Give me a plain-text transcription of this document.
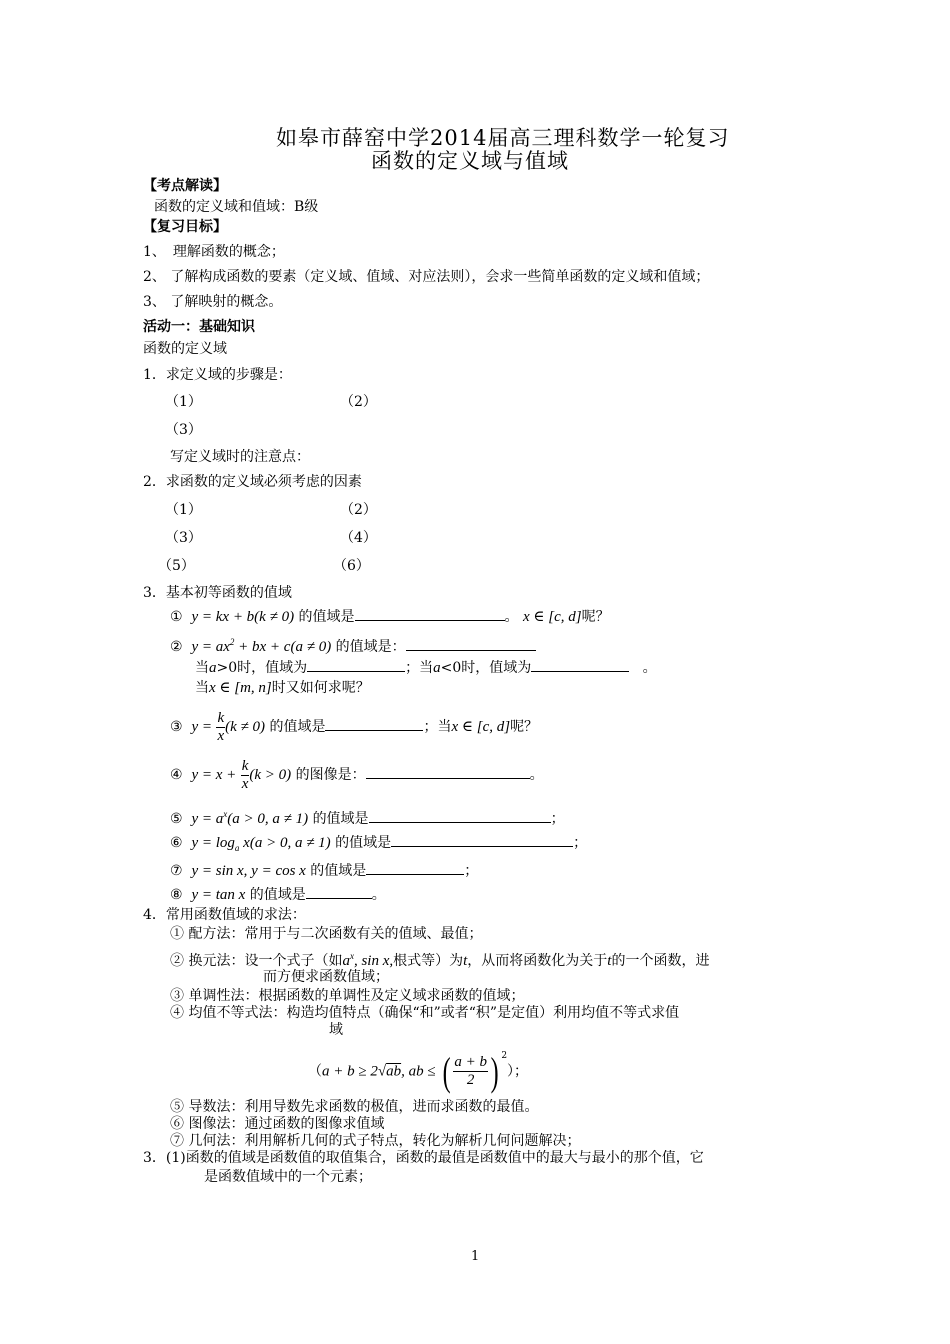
如皋市薛窑中学2014届高三理科数学一轮复习
函数的定义域与值域
【考点解读】
函数的定义域和值域：B级
【复习目标】
1、　理解函数的概念；
2、 了解构成函数的要素（定义域、值域、对应法则），会求一些简单函数的定义域和值域；
3、 了解映射的概念。
活动一：基础知识
函数的定义域
1．求定义域的步骤是：
（1）	（2）
（3）
写定义域时的注意点：
2．求函数的定义域必须考虑的因素
（1）	（2）
（3）	（4）
（5）	（6）
3．基本初等函数的值域
① y = kx + b(k ≠ 0) 的值域是	。 x ∈ [c, d]呢？
② $y = ax^2$ + bx + c(a ≠ 0) 的值域是：
当a>0时，值域为	；当a<0时，值域为	。
当x ∈ [m, n]时又如何求呢？
③ $y = \frac{k}{x} (k \ne 0)$ 的值域是	；当x ∈ [c, d]呢？
④ $y = x + \frac{k}{x} (k > 0)$ 的图像是：	。
⑤ $y = a^x(a > 0$, a ≠ 1) 的值域是	；
⑥ $y = \log_a x(a > 0$, a ≠ 1) 的值域是	；
⑦ y = sin x, y = cos x 的值域是	；
⑧ y = tan x 的值域是	。
4．常用函数值域的求法：
① 配方法：常用于与二次函数有关的值域、最值；
② 换元法：设一个式子（如$a^x$, sin x,根式等）为t，从而将函数化为关于t的一个函数，进
而方便求函数值域；
③ 单调性法：根据函数的单调性及定义域求函数的值域；
④ 均值不等式法：构造均值特点（确保“和”或者“积”是定值）利用均值不等式求值
域
（a + b ≥ 2√ab, ab ≤ ( $\frac{a + b}{2}$ ) $^2$）；
⑤ 导数法：利用导数先求函数的极值，进而求函数的最值。
⑥ 图像法：通过函数的图像求值域
⑦ 几何法：利用解析几何的式子特点，转化为解析几何问题解决；
3．(1)函数的值域是函数值的取值集合，函数的最值是函数值中的最大与最小的那个值，它
是函数值域中的一个元素；
1
